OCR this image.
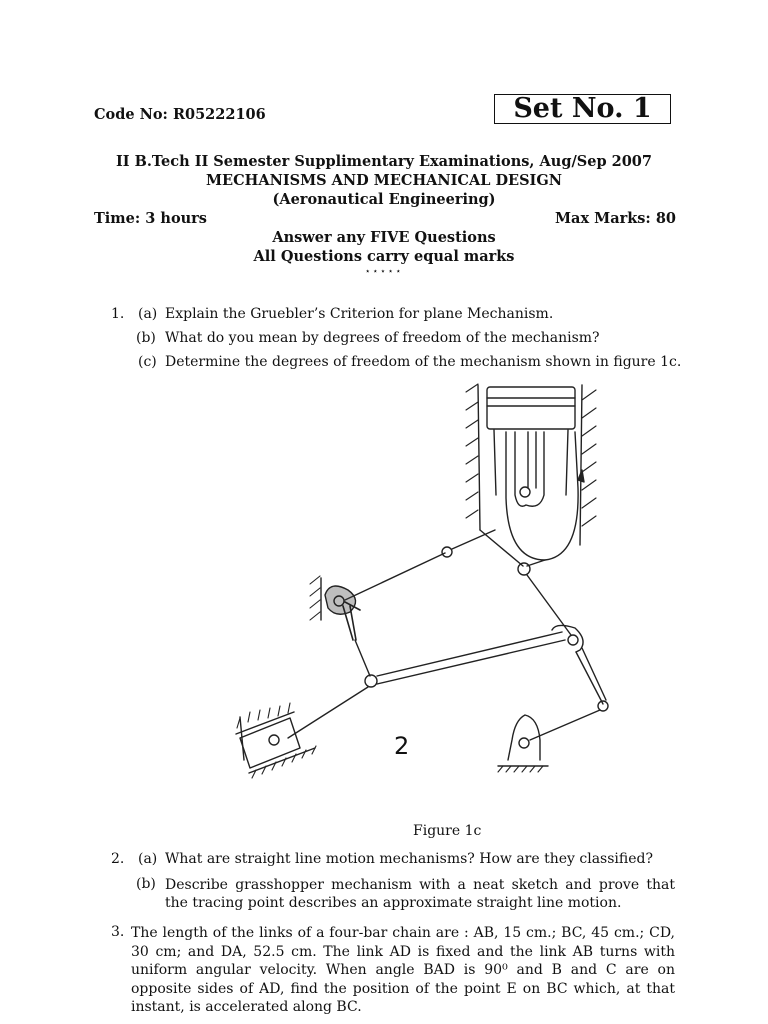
Code No: R05222106	Set No. 1
II B.Tech II Semester Supplimentary Examinations, Aug/Sep 2007
MECHANISMS AND MECHANICAL DESIGN
(Aeronautical Engineering)
Time: 3 hours	Max Marks: 80
Answer any FIVE Questions
All Questions carry equal marks
⋆⋆⋆⋆⋆
1. (a) Explain the Gruebler’s Criterion for plane Mechanism.
(b) What do you mean by degrees of freedom of the mechanism?
(c) Determine the degrees of freedom of the mechanism shown in figure 1c.
2
Figure 1c
2. (a) What are straight line motion mechanisms? How are they classified?
(b) Describe grasshopper mechanism with a neat sketch and prove that the tracing point describes an approximate straight line motion.
3. The length of the links of a four-bar chain are : AB, 15 cm.; BC, 45 cm.; CD, 30 cm; and DA, 52.5 cm. The link AD is fixed and the link AB turns with uniform angular velocity. When angle BAD is 90⁰ and B and C are on opposite sides of AD, find the position of the point E on BC which, at that instant, is accelerated along BC.
